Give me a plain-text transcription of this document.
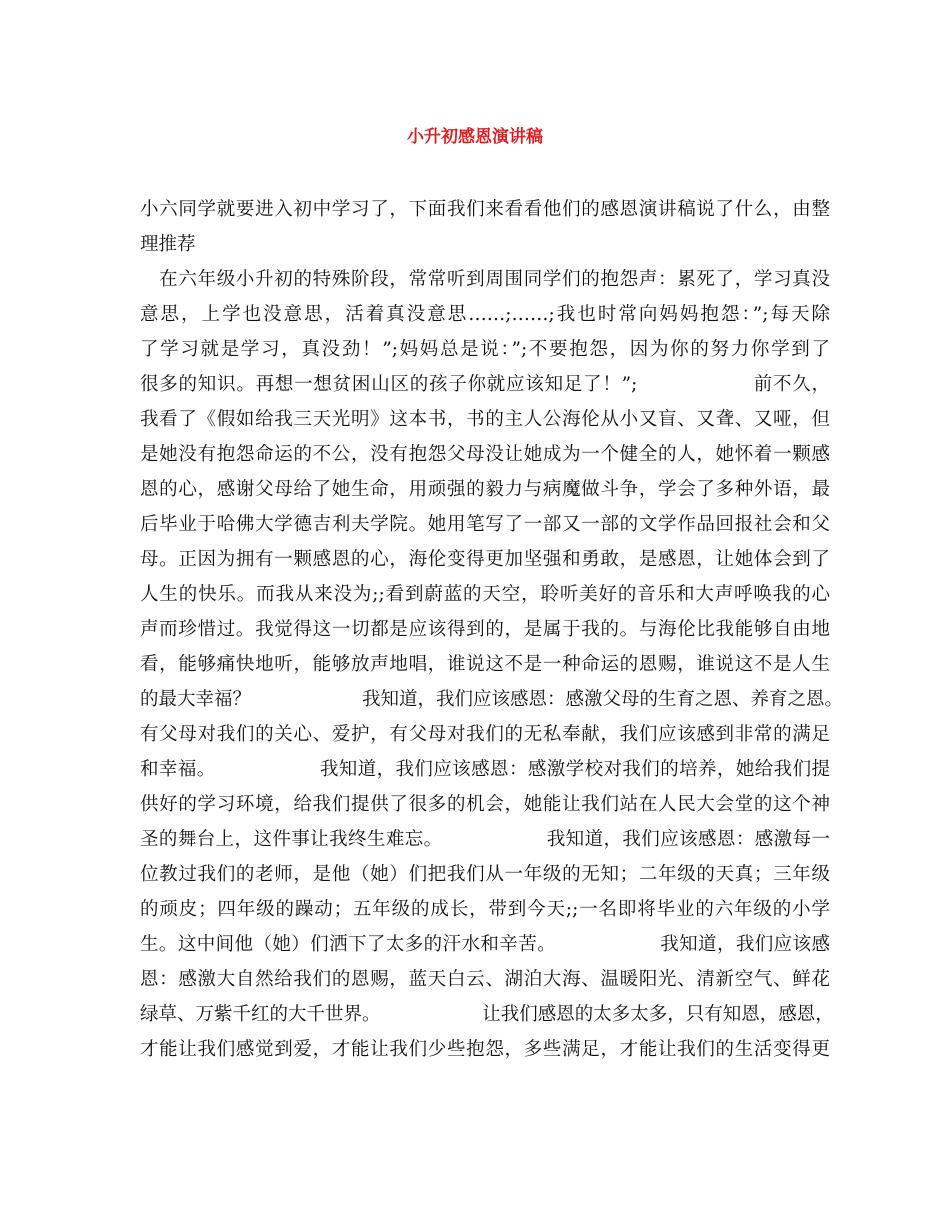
小升初感恩演讲稿
小六同学就要进入初中学习了，下面我们来看看他们的感恩演讲稿说了什么，由整
理推荐
　在六年级小升初的特殊阶段，常常听到周围同学们的抱怨声：累死了，学习真没
意思，上学也没意思，活着真没意思……;……;我也时常向妈妈抱怨：”;每天除
了学习就是学习，真没劲！”;妈妈总是说：”;不要抱怨，因为你的努力你学到了
很多的知识。再想一想贫困山区的孩子你就应该知足了！”;　　　　　　前不久，
我看了《假如给我三天光明》这本书，书的主人公海伦从小又盲、又聋、又哑，但
是她没有抱怨命运的不公，没有抱怨父母没让她成为一个健全的人，她怀着一颗感
恩的心，感谢父母给了她生命，用顽强的毅力与病魔做斗争，学会了多种外语，最
后毕业于哈佛大学德吉利夫学院。她用笔写了一部又一部的文学作品回报社会和父
母。正因为拥有一颗感恩的心，海伦变得更加坚强和勇敢，是感恩，让她体会到了
人生的快乐。而我从来没为;;看到蔚蓝的天空，聆听美好的音乐和大声呼唤我的心
声而珍惜过。我觉得这一切都是应该得到的，是属于我的。与海伦比我能够自由地
看，能够痛快地听，能够放声地唱，谁说这不是一种命运的恩赐，谁说这不是人生
的最大幸福？　　　　　　我知道，我们应该感恩：感激父母的生育之恩、养育之恩。
有父母对我们的关心、爱护，有父母对我们的无私奉献，我们应该感到非常的满足
和幸福。　　　　　　我知道，我们应该感恩：感激学校对我们的培养，她给我们提
供好的学习环境，给我们提供了很多的机会，她能让我们站在人民大会堂的这个神
圣的舞台上，这件事让我终生难忘。　　　　　　我知道，我们应该感恩：感激每一
位教过我们的老师，是他（她）们把我们从一年级的无知；二年级的天真；三年级
的顽皮；四年级的躁动；五年级的成长，带到今天;;一名即将毕业的六年级的小学
生。这中间他（她）们洒下了太多的汗水和辛苦。　　　　　　我知道，我们应该感
恩：感激大自然给我们的恩赐，蓝天白云、湖泊大海、温暖阳光、清新空气、鲜花
绿草、万紫千红的大千世界。　　　　　　让我们感恩的太多太多，只有知恩，感恩，
才能让我们感觉到爱，才能让我们少些抱怨，多些满足，才能让我们的生活变得更
